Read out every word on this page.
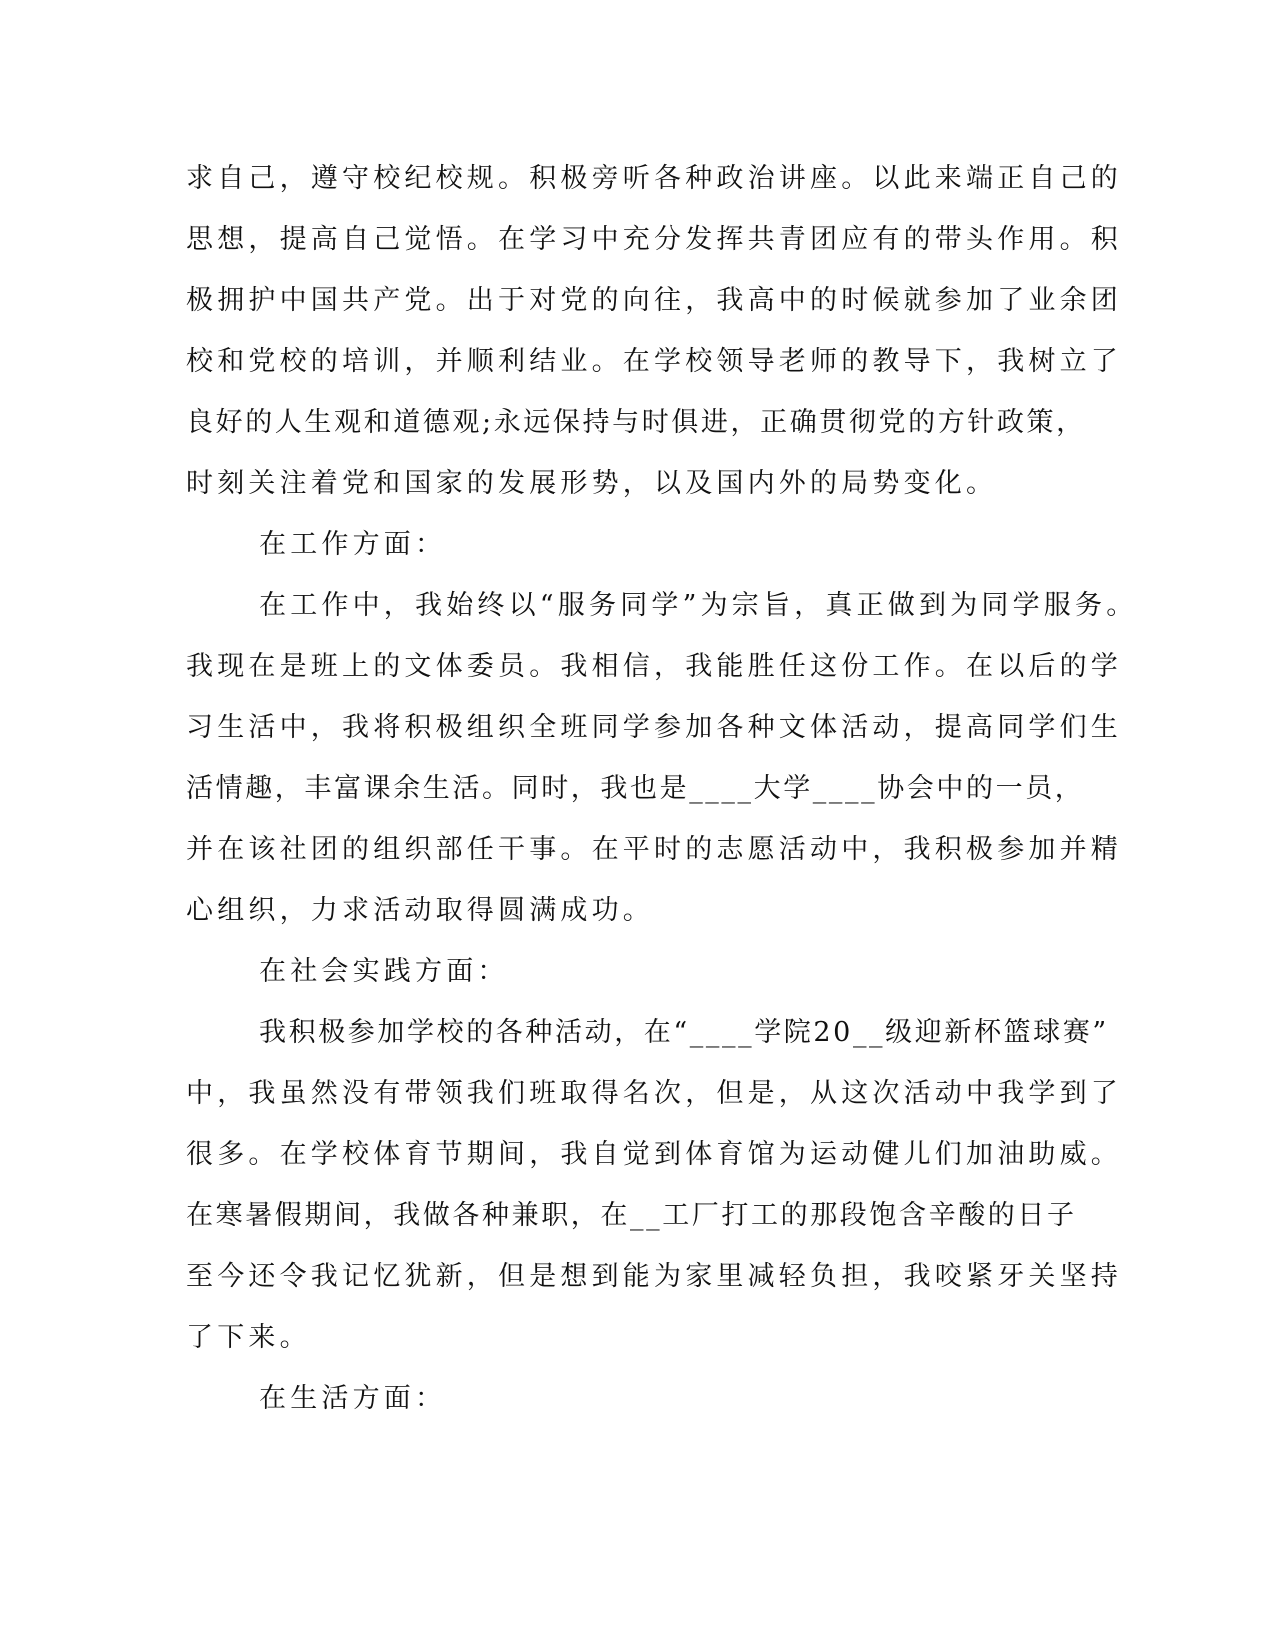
求自己，遵守校纪校规。积极旁听各种政治讲座。以此来端正自己的
思想，提高自己觉悟。在学习中充分发挥共青团应有的带头作用。积
极拥护中国共产党。出于对党的向往，我高中的时候就参加了业余团
校和党校的培训，并顺利结业。在学校领导老师的教导下，我树立了
良好的人生观和道德观;永远保持与时俱进，正确贯彻党的方针政策，
时刻关注着党和国家的发展形势，以及国内外的局势变化。
在工作方面：
在工作中，我始终以“服务同学”为宗旨，真正做到为同学服务。
我现在是班上的文体委员。我相信，我能胜任这份工作。在以后的学
习生活中，我将积极组织全班同学参加各种文体活动，提高同学们生
活情趣，丰富课余生活。同时，我也是____大学____协会中的一员，
并在该社团的组织部任干事。在平时的志愿活动中，我积极参加并精
心组织，力求活动取得圆满成功。
在社会实践方面：
我积极参加学校的各种活动，在“____学院20__级迎新杯篮球赛”
中，我虽然没有带领我们班取得名次，但是，从这次活动中我学到了
很多。在学校体育节期间，我自觉到体育馆为运动健儿们加油助威。
在寒暑假期间，我做各种兼职，在__工厂打工的那段饱含辛酸的日子
至今还令我记忆犹新，但是想到能为家里减轻负担，我咬紧牙关坚持
了下来。
在生活方面：
